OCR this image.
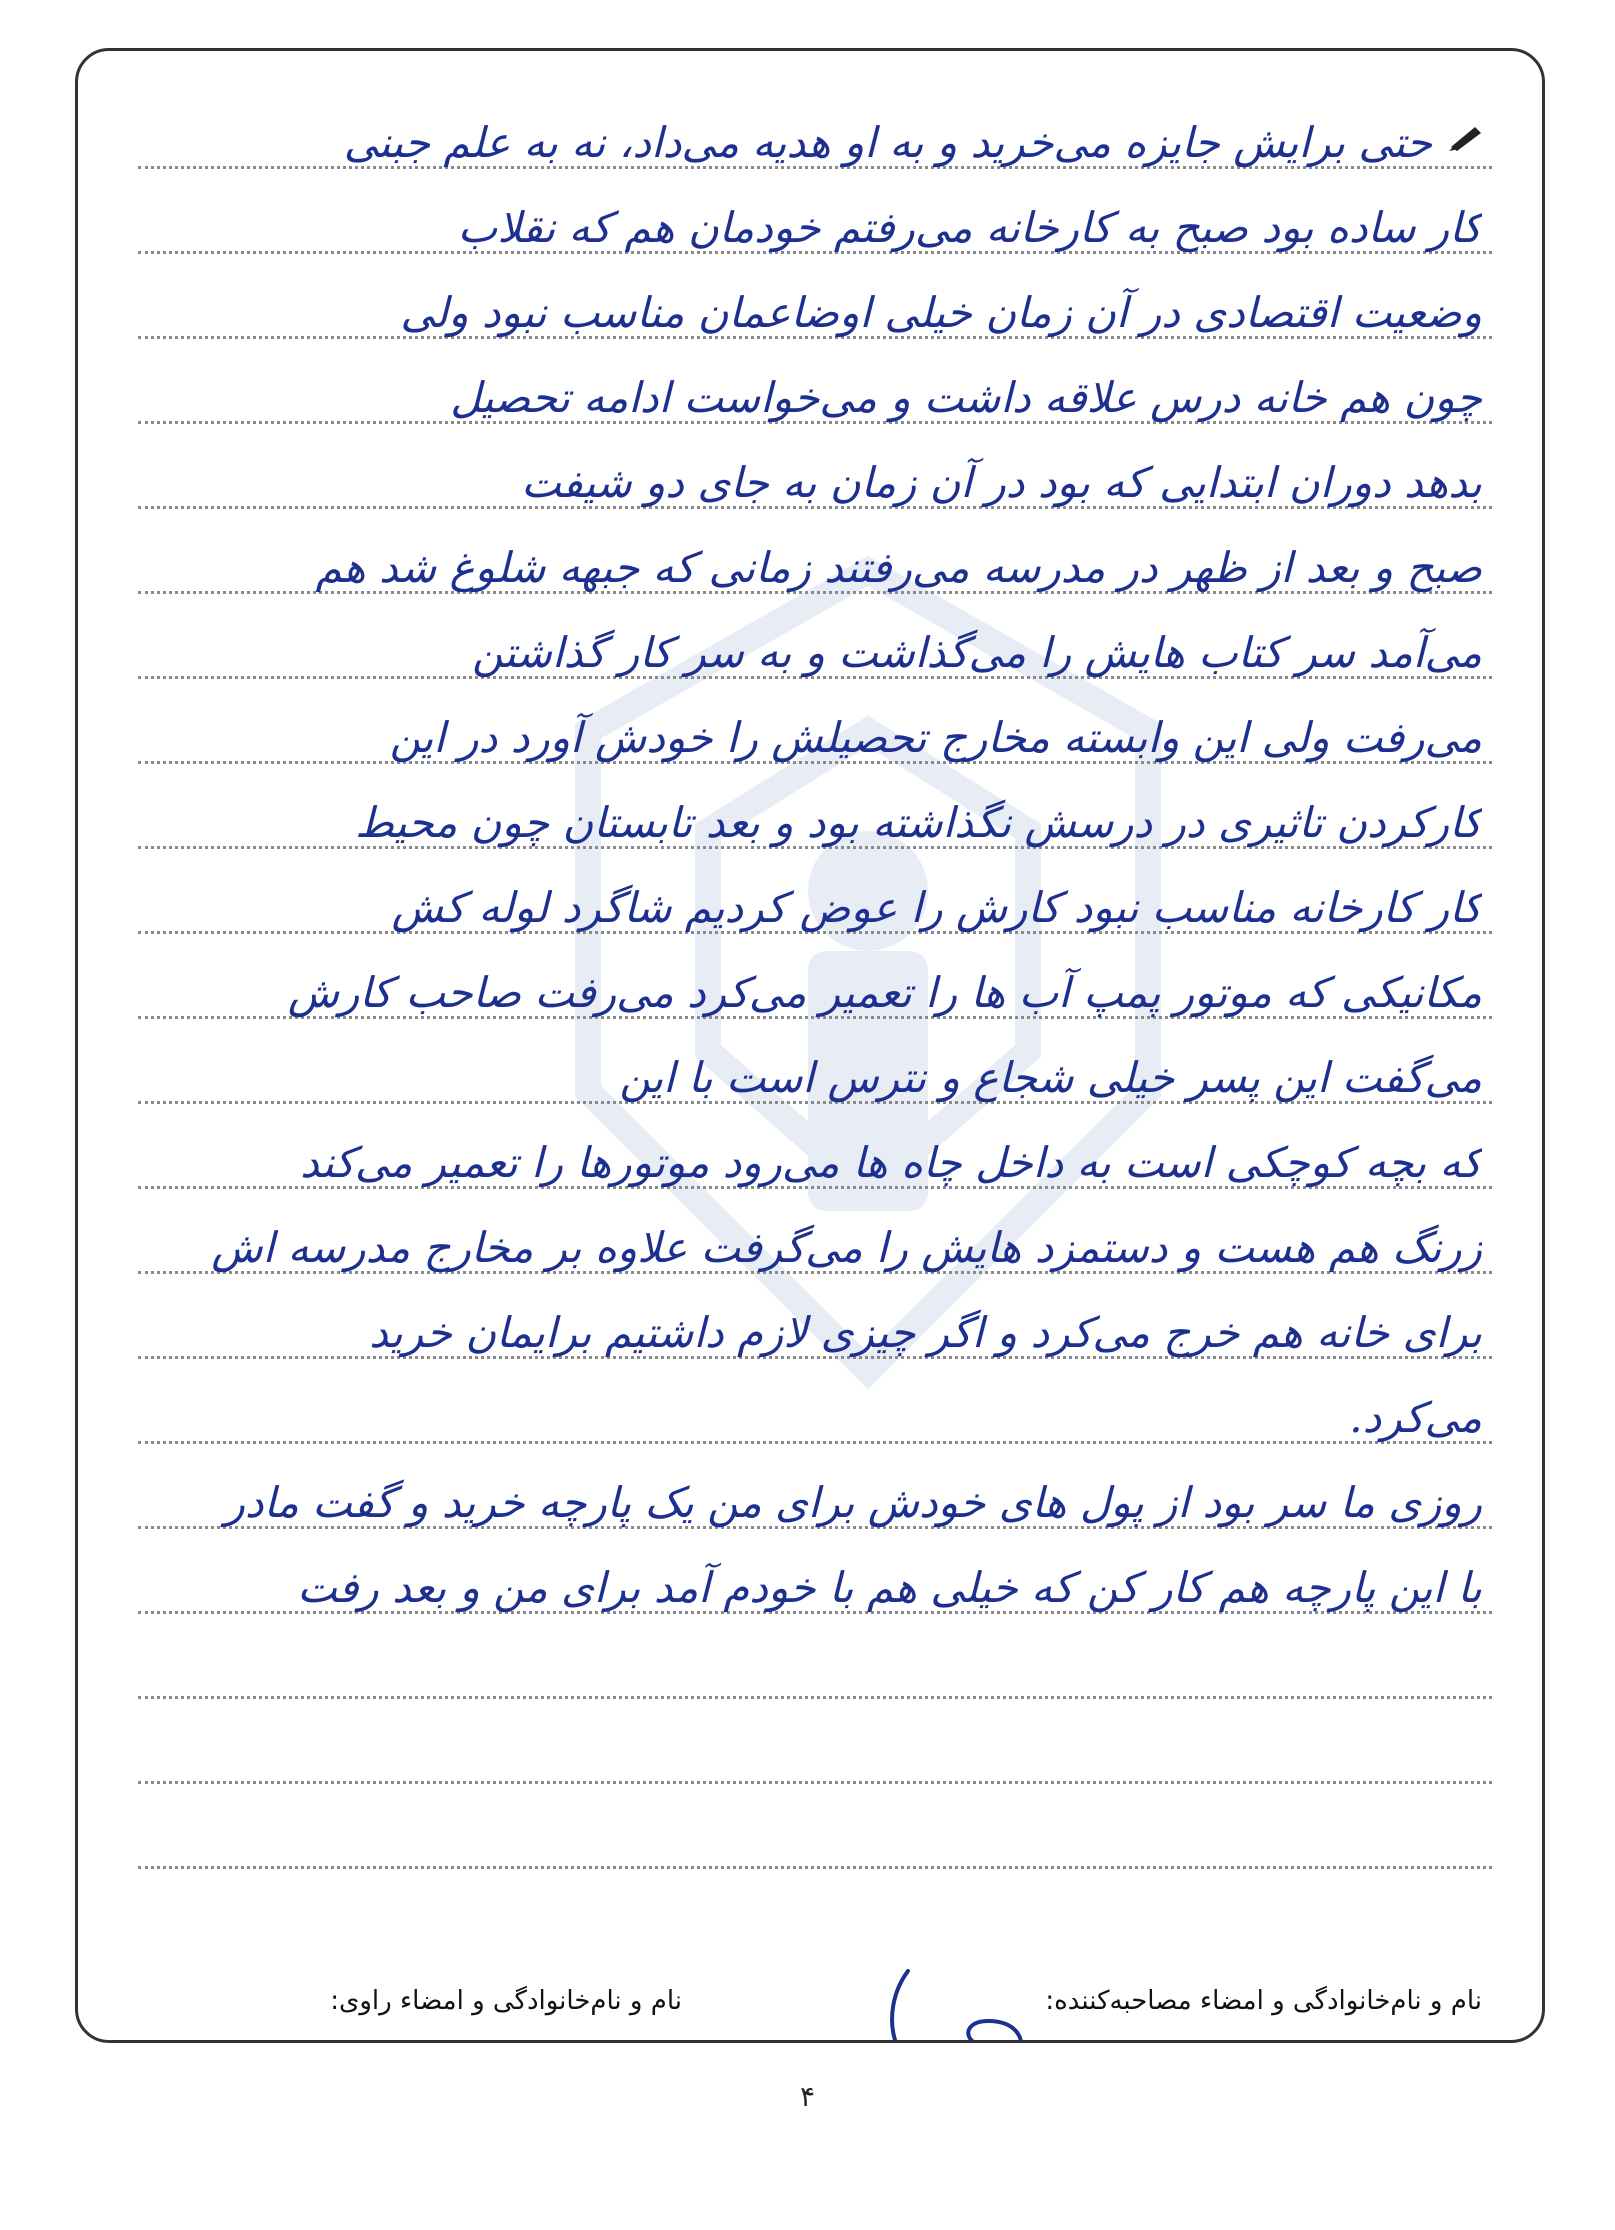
حتی برایش جایزه می‌خرید و به او هدیه می‌داد، نه به علم جبنی
کار ساده بود صبح به کارخانه می‌رفتم خودمان هم که نقلاب
وضعیت اقتصادی در آن زمان خیلی اوضاعمان مناسب نبود ولی
چون هم خانه درس علاقه داشت و می‌خواست ادامه تحصیل
بدهد دوران ابتدایی که بود در آن زمان به جای دو شیفت
صبح و بعد از ظهر در مدرسه می‌رفتند زمانی که جبهه شلوغ شد هم
می‌آمد سر کتاب هایش را می‌گذاشت و به سر کار گذاشتن
می‌رفت ولی این وابسته مخارج تحصیلش را خودش آورد در این
کارکردن تاثیری در درسش نگذاشته بود و بعد تابستان چون محیط
کار کارخانه مناسب نبود کارش را عوض کردیم شاگرد لوله کش
مکانیکی که موتور پمپ آب ها را تعمیر می‌کرد می‌رفت صاحب کارش
می‌گفت این پسر خیلی شجاع و نترس است با این
که بچه کوچکی است به داخل چاه ها می‌رود موتورها را تعمیر می‌کند
زرنگ هم هست و دستمزد هایش را می‌گرفت علاوه بر مخارج مدرسه اش
برای خانه هم خرج می‌کرد و اگر چیزی لازم داشتیم برایمان خرید
می‌کرد.
روزی ما سر بود از پول های خودش برای من یک پارچه خرید و گفت مادر
با این پارچه هم کار کن که خیلی هم با خودم آمد برای من و بعد رفت
نام و نام‌خانوادگی و امضاء مصاحبه‌کننده:
نام و نام‌خانوادگی و امضاء راوی:
۴
